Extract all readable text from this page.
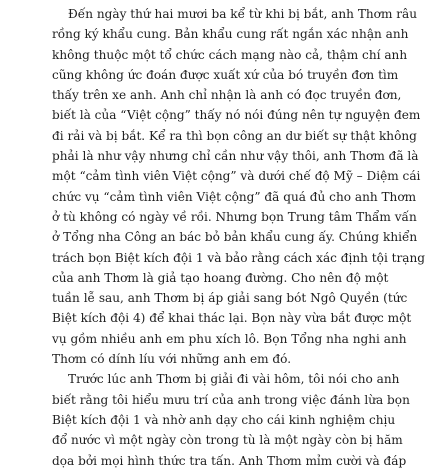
Đến ngày thứ hai mươi ba kể từ khi bị bắt, anh Thơm râu
rồng ký khẩu cung. Bản khẩu cung rất ngắn xác nhận anh
không thuộc một tổ chức cách mạng nào cả, thậm chí anh
cũng không ức đoán được xuất xứ của bó truyền đơn tìm
thấy trên xe anh. Anh chỉ nhận là anh có đọc truyền đơn,
biết là của “Việt cộng” thấy nó nói đúng nên tự nguyện đem
đi rải và bị bắt. Kể ra thì bọn công an dư biết sự thật không
phải là như vậy nhưng chỉ cần như vậy thôi, anh Thơm đã là
một “cảm tình viên Việt cộng” và dưới chế độ Mỹ – Diệm cái
chức vụ “cảm tình viên Việt cộng” đã quá đủ cho anh Thơm
ở tù không có ngày về rồi. Nhưng bọn Trung tâm Thẩm vấn
ở Tổng nha Công an bác bỏ bản khẩu cung ấy. Chúng khiển
trách bọn Biệt kích đội 1 và bảo rằng cách xác định tội trạng
của anh Thơm là giả tạo hoang đường. Cho nên độ một
tuần lễ sau, anh Thơm bị áp giải sang bót Ngô Quyền (tức
Biệt kích đội 4) để khai thác lại. Bọn này vừa bắt được một
vụ gồm nhiều anh em phu xích lô. Bọn Tổng nha nghi anh
Thơm có dính líu với những anh em đó.
Trước lúc anh Thơm bị giải đi vài hôm, tôi nói cho anh
biết rằng tôi hiểu mưu trí của anh trong việc đánh lừa bọn
Biệt kích đội 1 và nhờ anh dạy cho cái kinh nghiệm chịu
đổ nước vì một ngày còn trong tù là một ngày còn bị hăm
dọa bởi mọi hình thức tra tấn. Anh Thơm mỉm cười và đáp
